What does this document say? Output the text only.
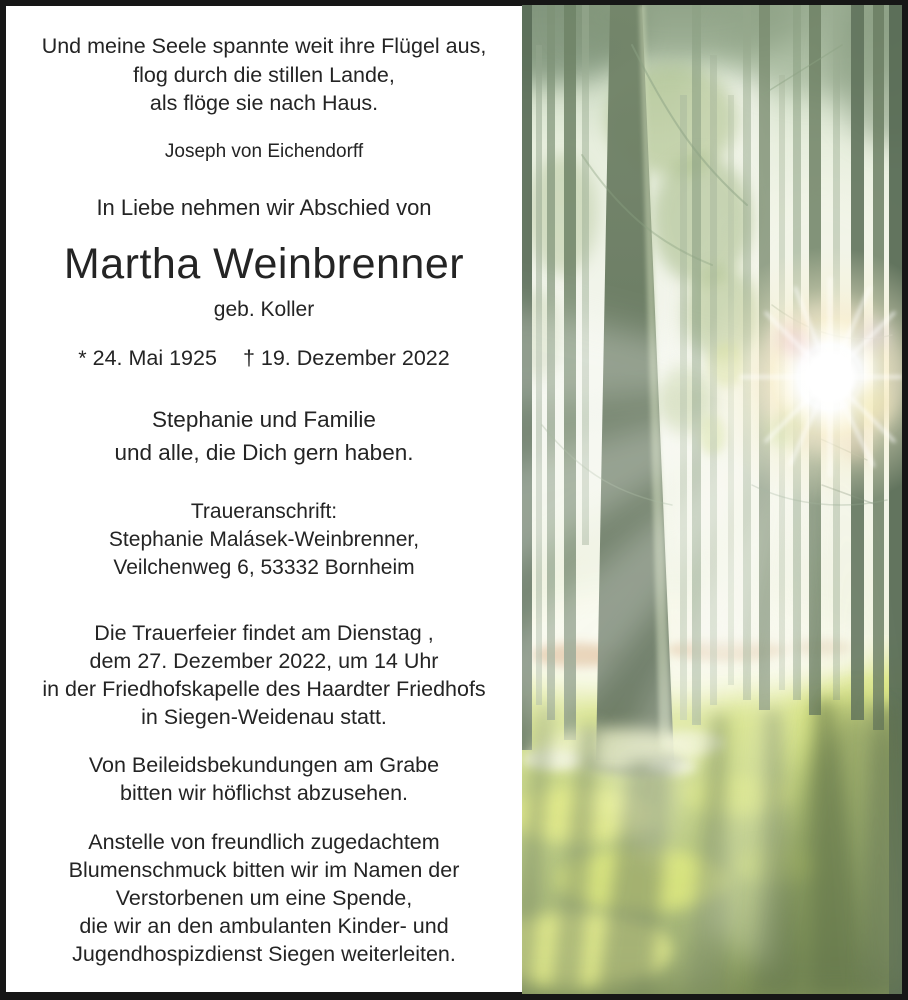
Und meine Seele spannte weit ihre Flügel aus,
flog durch die stillen Lande,
als flöge sie nach Haus.
Joseph von Eichendorff
In Liebe nehmen wir Abschied von
Martha Weinbrenner
geb. Koller
* 24. Mai 1925 † 19. Dezember 2022
Stephanie und Familie
und alle, die Dich gern haben.
Traueranschrift:
Stephanie Malásek-Weinbrenner,
Veilchenweg 6, 53332 Bornheim
Die Trauerfeier findet am Dienstag ,
dem 27. Dezember 2022, um 14 Uhr
in der Friedhofskapelle des Haardter Friedhofs
in Siegen-Weidenau statt.
Von Beileidsbekundungen am Grabe
bitten wir höflichst abzusehen.
Anstelle von freundlich zugedachtem
Blumenschmuck bitten wir im Namen der
Verstorbenen um eine Spende,
die wir an den ambulanten Kinder- und
Jugendhospizdienst Siegen weiterleiten.
